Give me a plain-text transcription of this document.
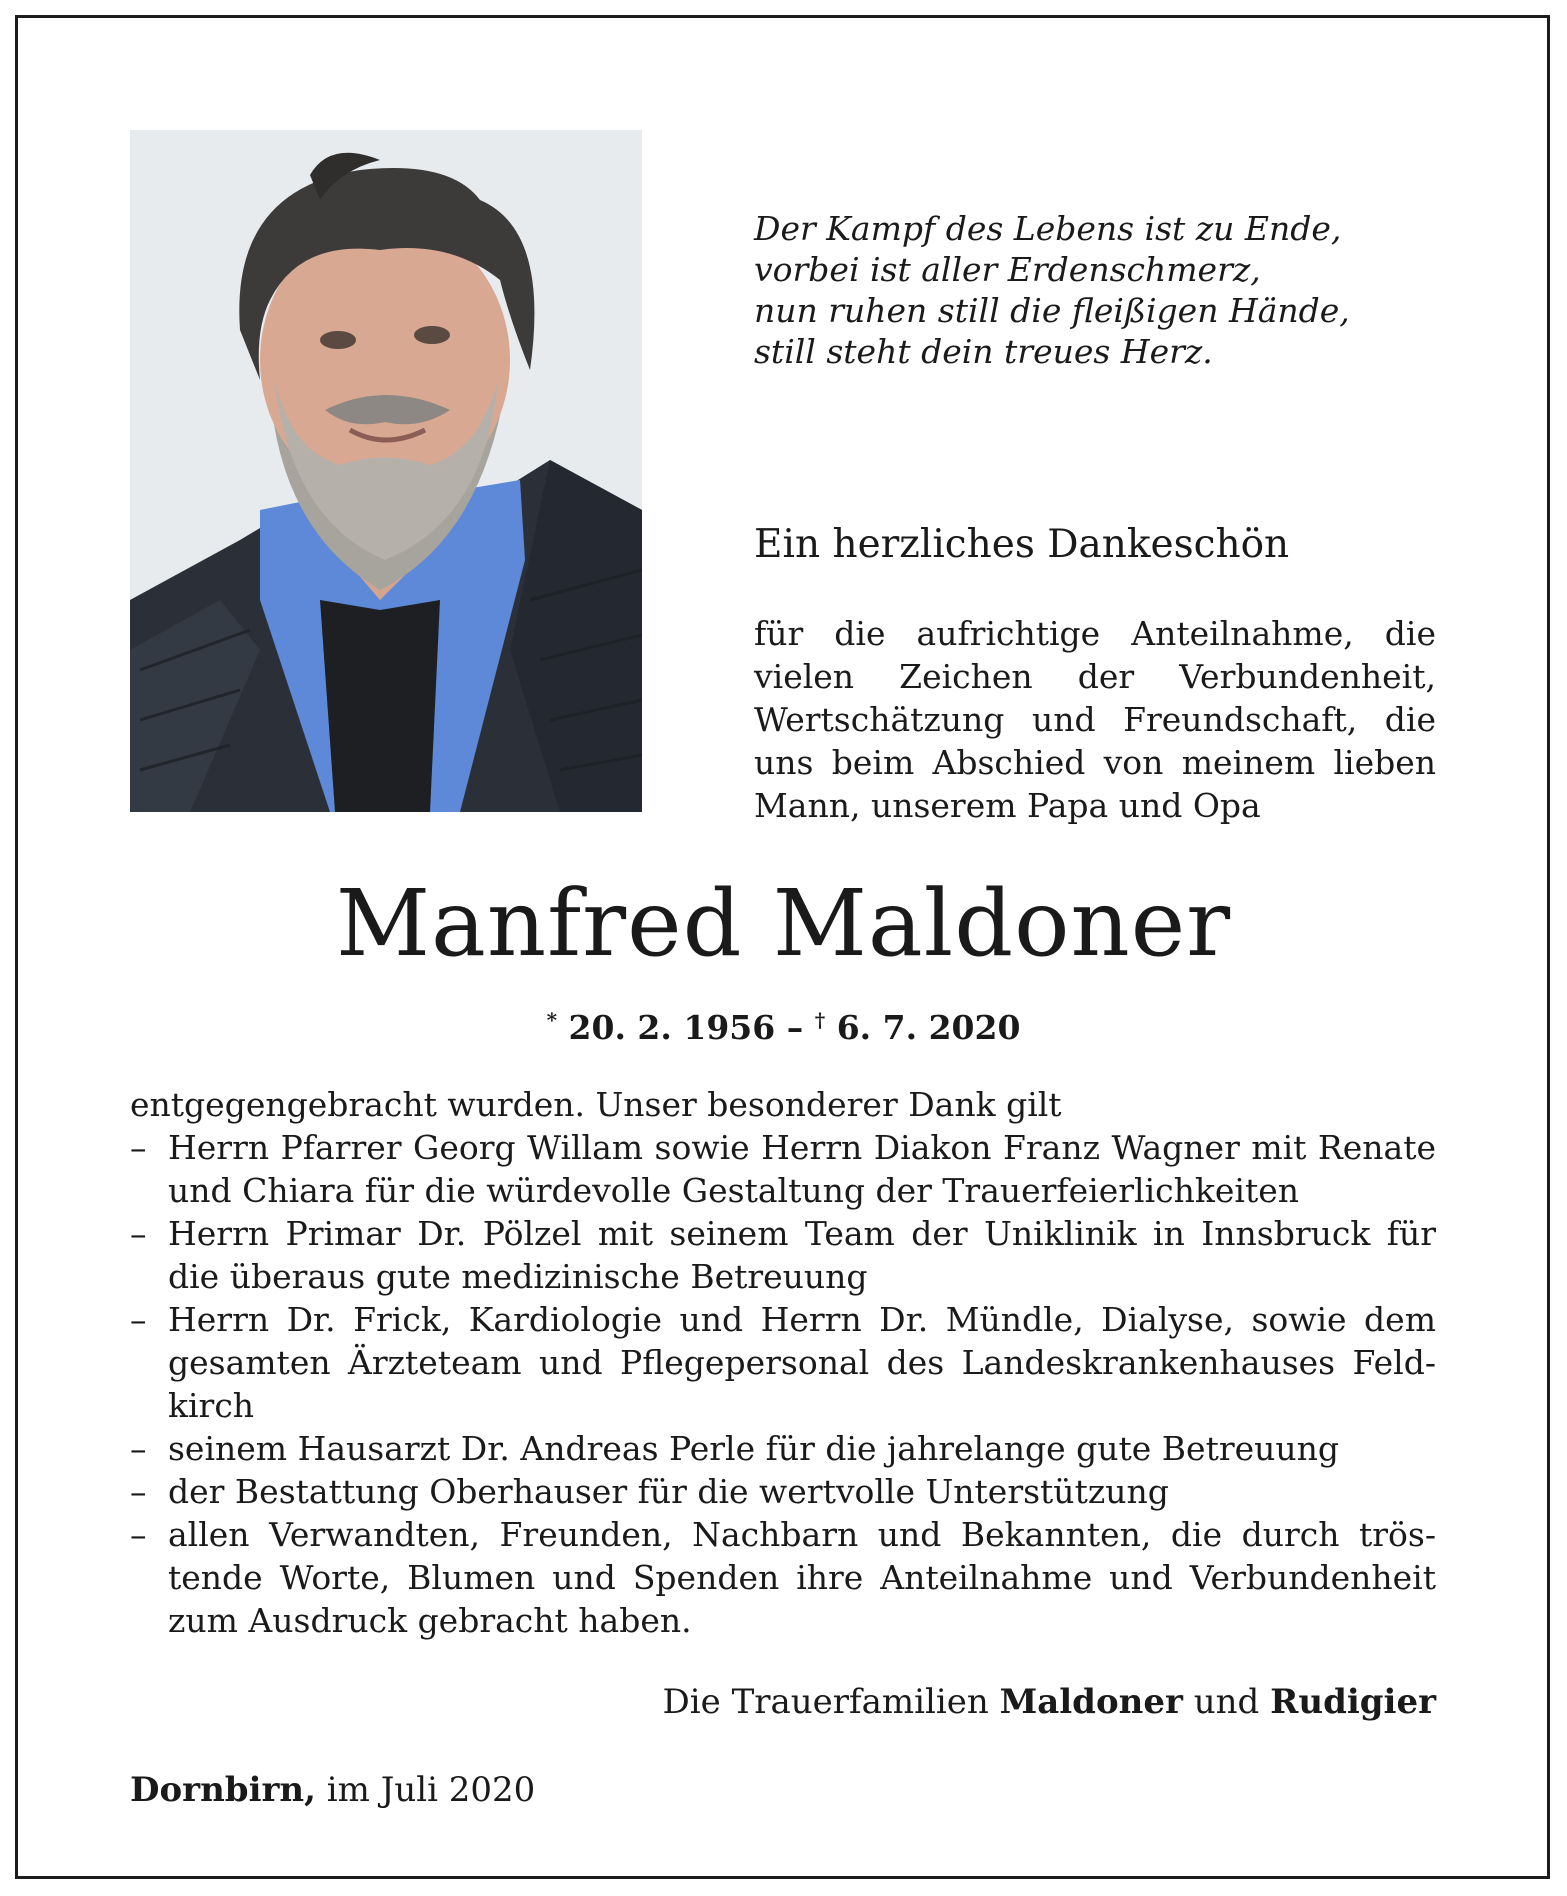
Der Kampf des Lebens ist zu Ende,
vorbei ist aller Erdenschmerz,
nun ruhen still die fleißigen Hände,
still steht dein treues Herz.
Ein herzliches Dankeschön
für die aufrichtige Anteilnahme, die
vielen Zeichen der Verbundenheit,
Wertschätzung und Freundschaft, die
uns beim Abschied von meinem lieben
Mann, unserem Papa und Opa
Manfred Maldoner
* 20. 2. 1956 – † 6. 7. 2020
entgegengebracht wurden. Unser besonderer Dank gilt
– Herrn Pfarrer Georg Willam sowie Herrn Diakon Franz Wagner mit Renate
und Chiara für die würdevolle Gestaltung der Trauerfeierlichkeiten
– Herrn Primar Dr. Pölzel mit seinem Team der Uniklinik in Innsbruck für
die überaus gute medizinische Betreuung
– Herrn Dr. Frick, Kardiologie und Herrn Dr. Mündle, Dialyse, sowie dem
gesamten Ärzteteam und Pflegepersonal des Landeskrankenhauses Feld-
kirch
– seinem Hausarzt Dr. Andreas Perle für die jahrelange gute Betreuung
– der Bestattung Oberhauser für die wertvolle Unterstützung
– allen Verwandten, Freunden, Nachbarn und Bekannten, die durch trös-
tende Worte, Blumen und Spenden ihre Anteilnahme und Verbundenheit
zum Ausdruck gebracht haben.
Die Trauerfamilien Maldoner und Rudigier
Dornbirn, im Juli 2020
